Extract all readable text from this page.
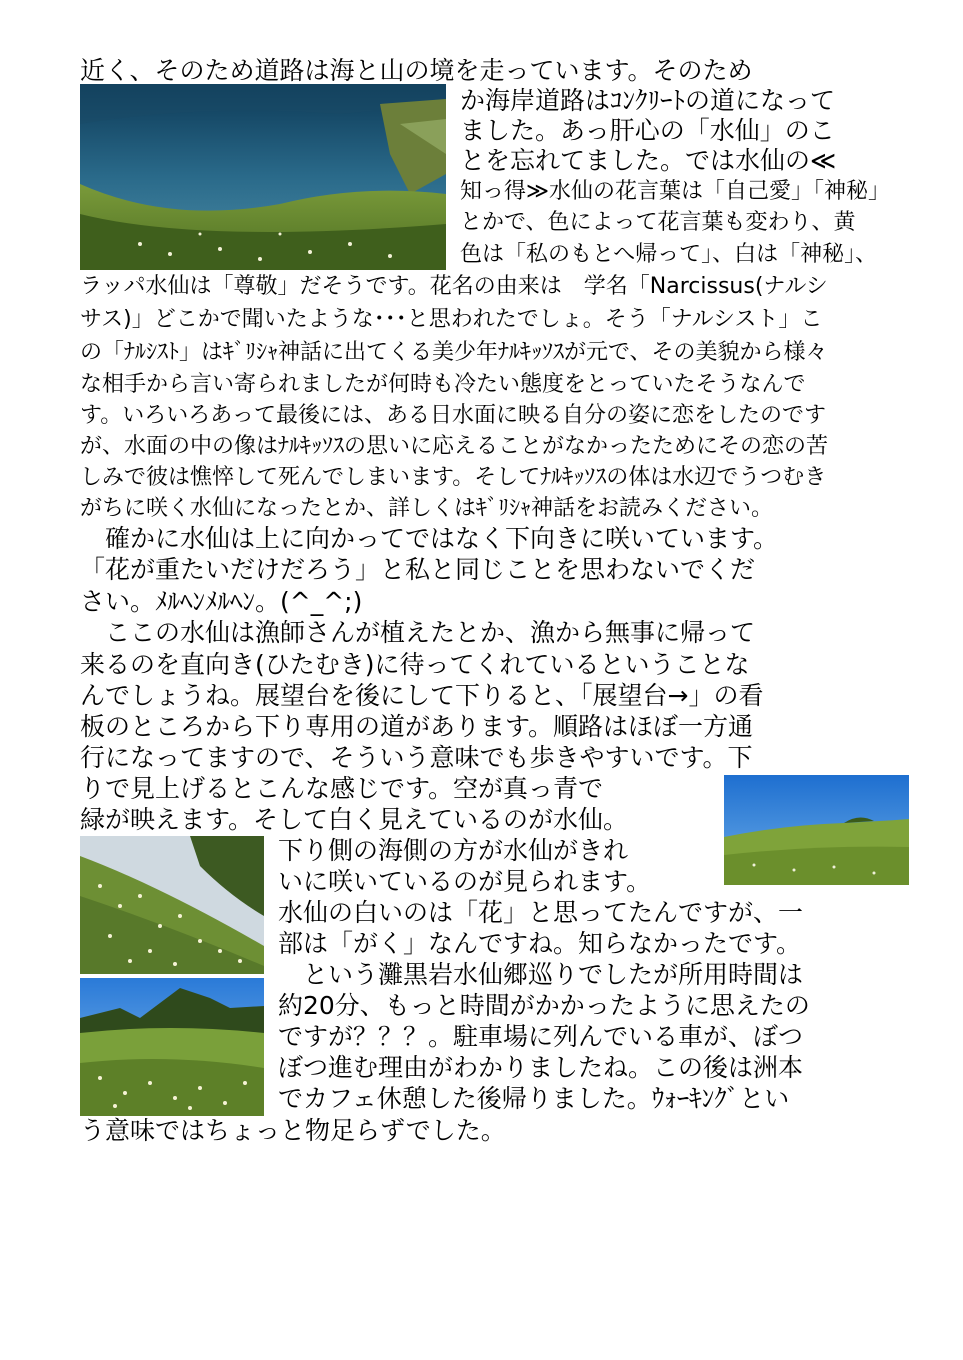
近く、そのため道路は海と山の境を走っています。そのため
か海岸道路はｺﾝｸﾘｰﾄの道になって
ました。あっ肝心の「水仙」のこ
とを忘れてました。では水仙の≪
知っ得≫水仙の花言葉は「自己愛」「神秘」
とかで、色によって花言葉も変わり、黄
色は「私のもとへ帰って」、白は「神秘」、
ラッパ水仙は「尊敬」だそうです。花名の由来は　学名「Narcissus(ナルシ
サス)」どこかで聞いたような･･･と思われたでしょ。そう「ナルシスト」こ
の「ﾅﾙｼｽﾄ」はｷﾞﾘｼｬ神話に出てくる美少年ﾅﾙｷｯｿｽが元で、その美貌から様々
な相手から言い寄られましたが何時も冷たい態度をとっていたそうなんで
す。いろいろあって最後には、ある日水面に映る自分の姿に恋をしたのです
が、水面の中の像はﾅﾙｷｯｿｽの思いに応えることがなかったためにその恋の苦
しみで彼は憔悴して死んでしまいます。そしてﾅﾙｷｯｿｽの体は水辺でうつむき
がちに咲く水仙になったとか、詳しくはｷﾞﾘｼｬ神話をお読みください。
　確かに水仙は上に向かってではなく下向きに咲いています。
「花が重たいだけだろう」と私と同じことを思わないでくだ
さい。ﾒﾙﾍﾝﾒﾙﾍﾝ。(^_^;)
　ここの水仙は漁師さんが植えたとか、漁から無事に帰って
来るのを直向き(ひたむき)に待ってくれているということな
んでしょうね。展望台を後にして下りると、「展望台→」の看
板のところから下り専用の道があります。順路はほぼ一方通
行になってますので、そういう意味でも歩きやすいです。下
りで見上げるとこんな感じです。空が真っ青で
緑が映えます。そして白く見えているのが水仙。
下り側の海側の方が水仙がきれ
いに咲いているのが見られます。
水仙の白いのは「花」と思ってたんですが、一
部は「がく」なんですね。知らなかったです。
　という灘黒岩水仙郷巡りでしたが所用時間は
約20分、もっと時間がかかったように思えたの
ですが？？？。駐車場に列んでいる車が、ぼつ
ぼつ進む理由がわかりましたね。この後は洲本
でカフェ休憩した後帰りました。ｳｫｰｷﾝｸﾞとい
う意味ではちょっと物足らずでした。
